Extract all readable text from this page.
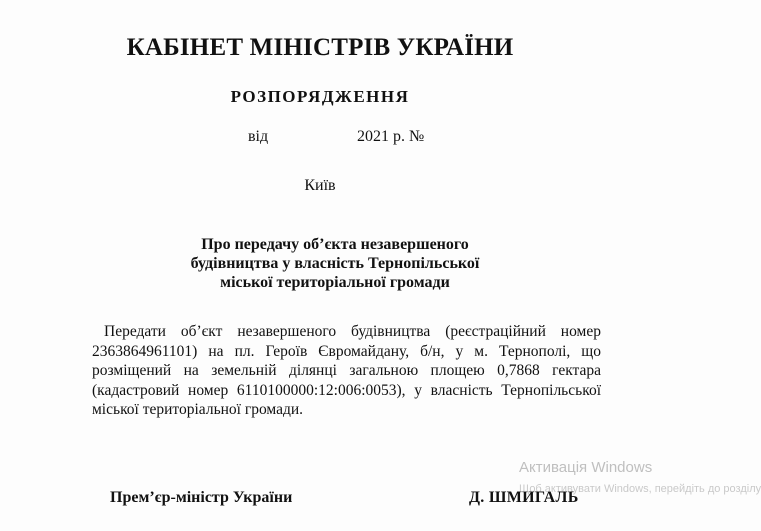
КАБІНЕТ МІНІСТРІВ УКРАЇНИ
РОЗПОРЯДЖЕННЯ
від	2021 р. №
Київ
Про передачу об’єкта незавершеного
будівництва у власність Тернопільської
міської територіальної громади
Передати об’єкт незавершеного будівництва (реєстраційний номер
2363864961101) на пл. Героїв Євромайдану, б/н, у м. Тернополі, що
розміщений на земельній ділянці загальною площею 0,7868 гектара
(кадастровий номер 6110100000:12:006:0053), у власність Тернопільської
міської територіальної громади.
Прем’єр-міністр України	Д. ШМИГАЛЬ
Активація Windows
Щоб активувати Windows, перейдіть до розділу
